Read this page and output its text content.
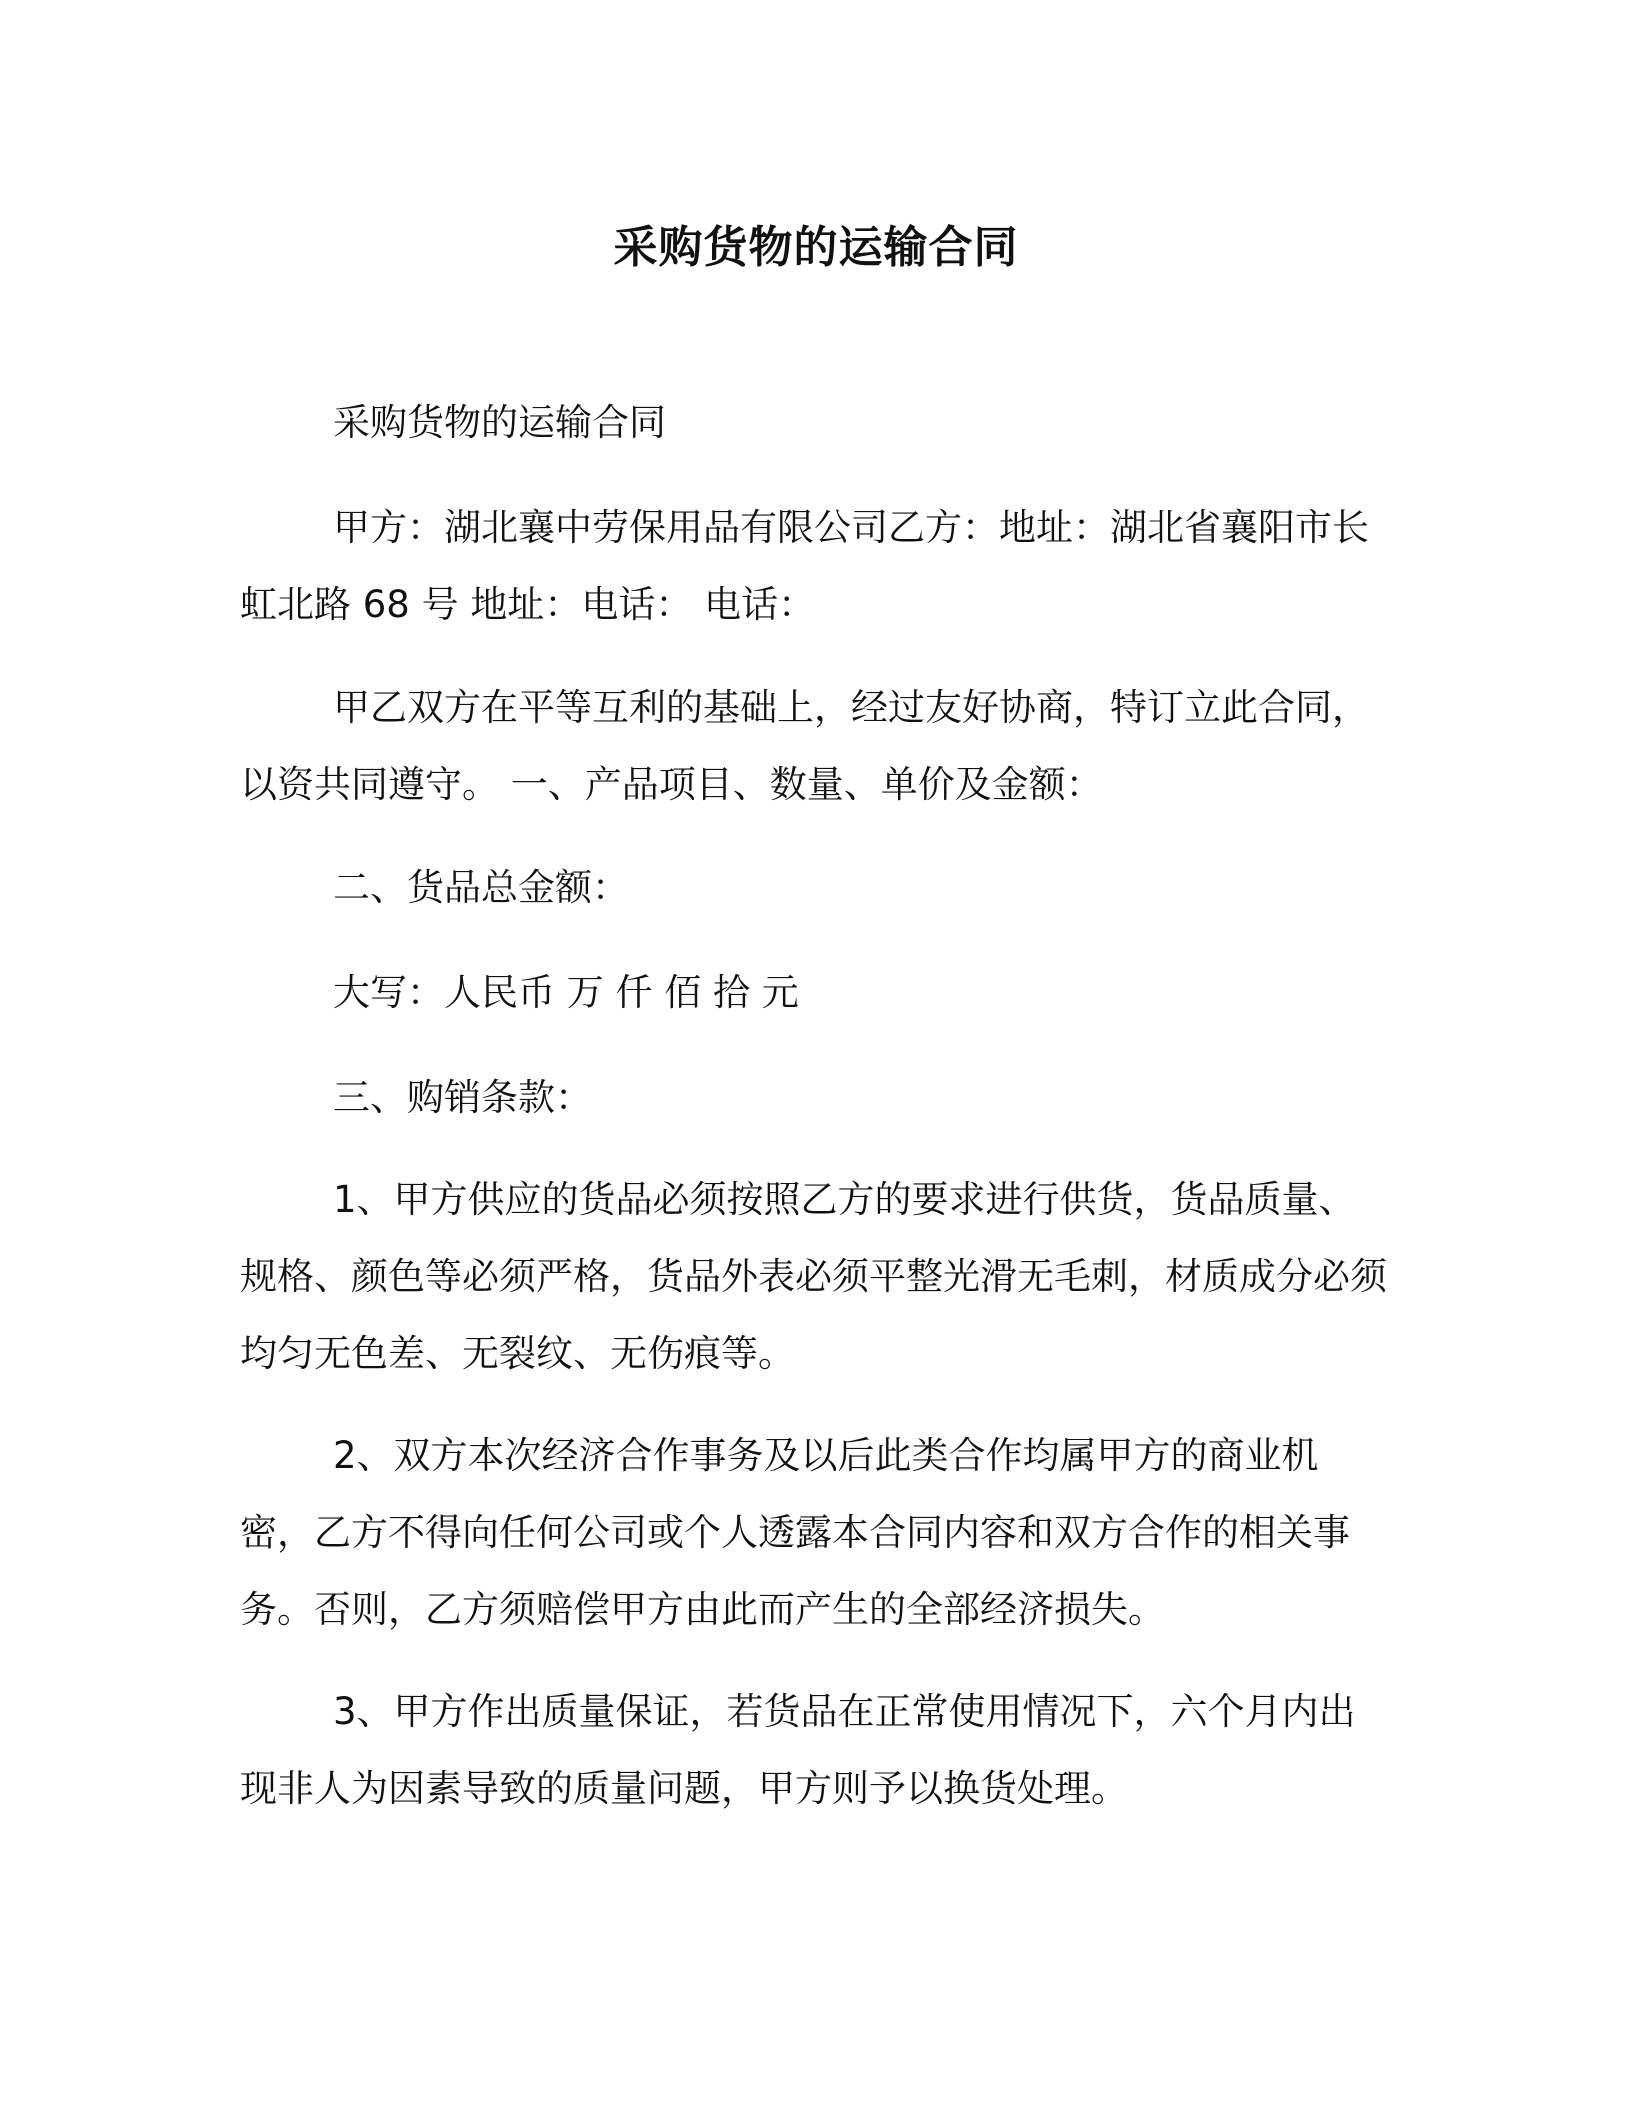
采购货物的运输合同
采购货物的运输合同
甲方：湖北襄中劳保用品有限公司乙方：地址：湖北省襄阳市长虹北路 68 号 地址：电话： 电话：
甲乙双方在平等互利的基础上，经过友好协商，特订立此合同，以资共同遵守。 一、产品项目、数量、单价及金额：
二、货品总金额：
大写：人民币 万 仟 佰 拾 元
三、购销条款：
1、甲方供应的货品必须按照乙方的要求进行供货，货品质量、规格、颜色等必须严格，货品外表必须平整光滑无毛刺，材质成分必须均匀无色差、无裂纹、无伤痕等。
2、双方本次经济合作事务及以后此类合作均属甲方的商业机密，乙方不得向任何公司或个人透露本合同内容和双方合作的相关事务。否则，乙方须赔偿甲方由此而产生的全部经济损失。
3、甲方作出质量保证，若货品在正常使用情况下，六个月内出现非人为因素导致的质量问题，甲方则予以换货处理。
